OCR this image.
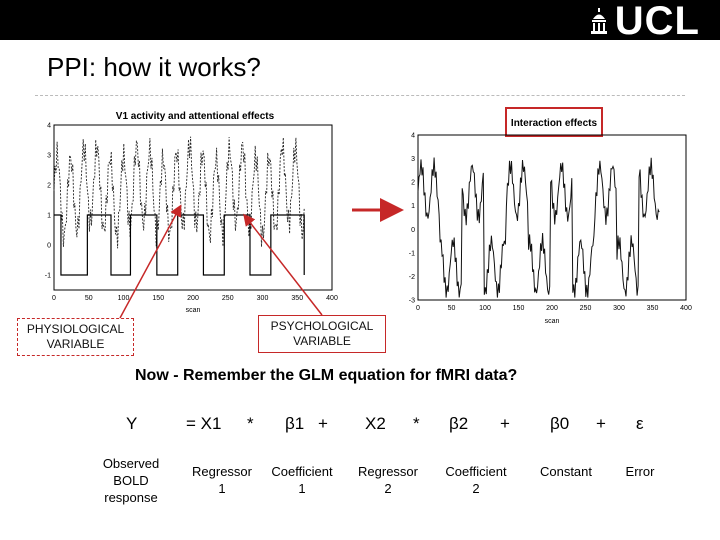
UCL
PPI: how it works?
V1 activity and attentional effects
4
3
2
1
0
-1
0	50	100	150	200	250	300	350	400
scan
Interaction effects
4
3
2
1
0
-1
-2
-3
0	50	100	150	200	250	300	350	400
scan
PHYSIOLOGICAL
VARIABLE
PSYCHOLOGICAL
VARIABLE
Now - Remember the GLM equation for fMRI data?
Y	= X1 * β1 + X2 * β2 + β0 + ε
Observed
BOLD
response
Regressor
1
Coefficient
1
Regressor
2
Coefficient
2
Constant	Error
